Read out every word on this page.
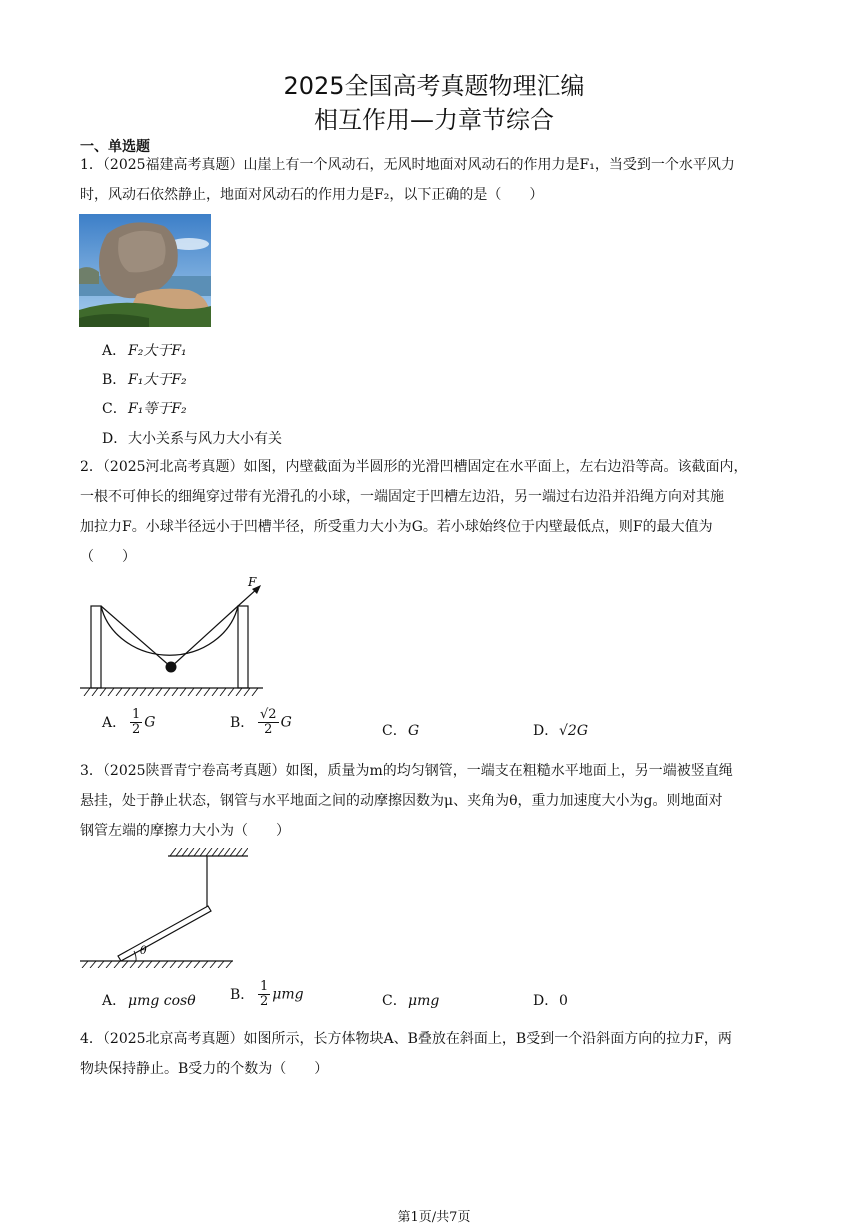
2025全国高考真题物理汇编
相互作用—力章节综合
一、单选题
1．（2025福建高考真题）山崖上有一个风动石，无风时地面对风动石的作用力是F₁，当受到一个水平风力
时，风动石依然静止，地面对风动石的作用力是F₂，以下正确的是（　　）
A． F₂大于F₁
B． F₁大于F₂
C．F₁等于F₂
D．大小关系与风力大小有关
2．（2025河北高考真题）如图，内壁截面为半圆形的光滑凹槽固定在水平面上，左右边沿等高。该截面内，
一根不可伸长的细绳穿过带有光滑孔的小球，一端固定于凹槽左边沿，另一端过右边沿并沿绳方向对其施
加拉力F。小球半径远小于凹槽半径，所受重力大小为G。若小球始终位于内壁最低点，则F的最大值为
（　　）
F
A． $\frac{1}{2}$ G	B． $\frac{√2}{2}$ G
C．G	D．√2G
3．（2025陕晋青宁卷高考真题）如图，质量为m的均匀钢管，一端支在粗糙水平地面上，另一端被竖直绳
悬挂，处于静止状态，钢管与水平地面之间的动摩擦因数为μ、夹角为θ，重力加速度大小为g。则地面对
钢管左端的摩擦力大小为（　　）
θ
A． μmg cosθ B． $\frac{1}{2}$ μmg	C．μmg	D．0
4．（2025北京高考真题）如图所示，长方体物块A、B叠放在斜面上，B受到一个沿斜面方向的拉力F，两
物块保持静止。B受力的个数为（　　）
第1页/共7页
